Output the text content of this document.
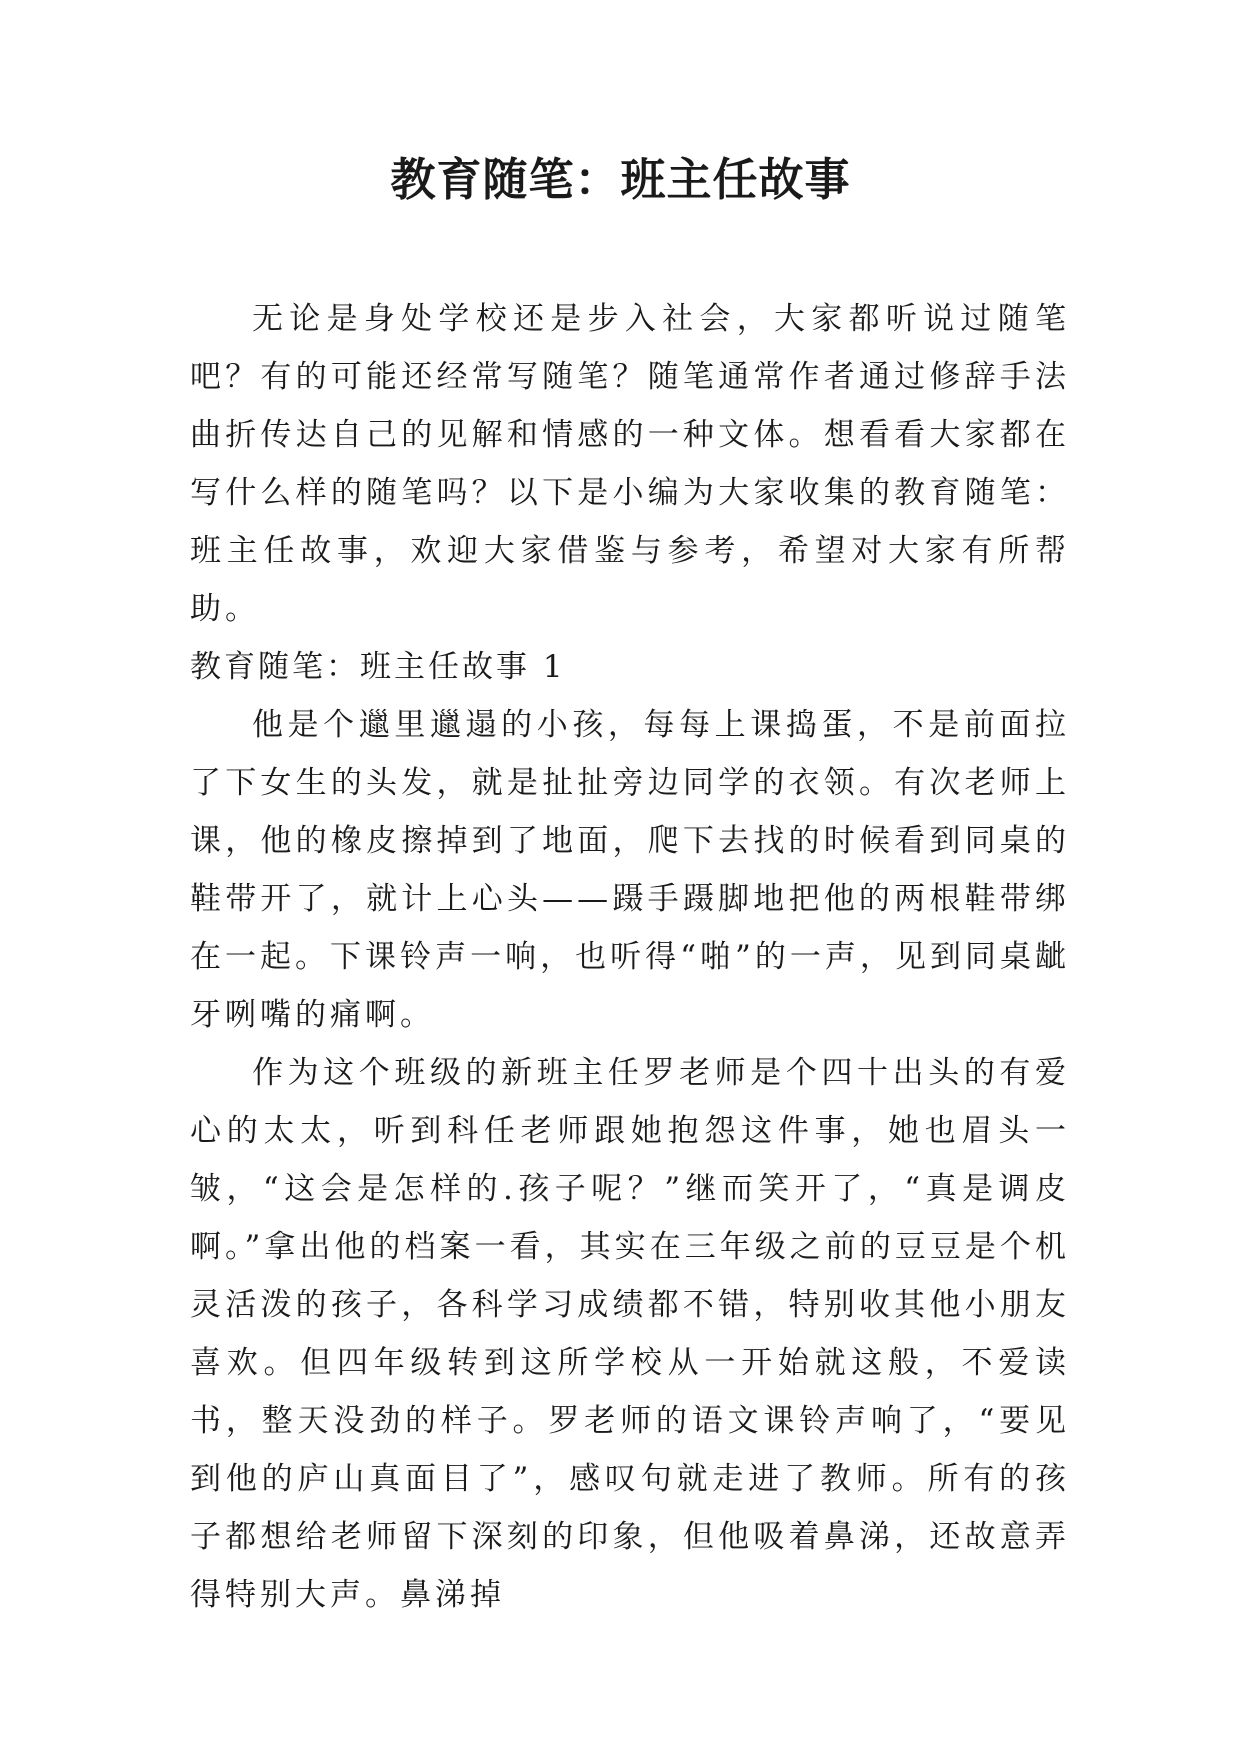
教育随笔：班主任故事

无论是身处学校还是步入社会，大家都听说过随笔吧？有的可能还经常写随笔？随笔通常作者通过修辞手法曲折传达自己的见解和情感的一种文体。想看看大家都在写什么样的随笔吗？以下是小编为大家收集的教育随笔：班主任故事，欢迎大家借鉴与参考，希望对大家有所帮助。

教育随笔：班主任故事 1

他是个邋里邋遢的小孩，每每上课捣蛋，不是前面拉了下女生的头发，就是扯扯旁边同学的衣领。有次老师上课，他的橡皮擦掉到了地面，爬下去找的时候看到同桌的鞋带开了，就计上心头——蹑手蹑脚地把他的两根鞋带绑在一起。下课铃声一响，也听得“啪”的一声，见到同桌龇牙咧嘴的痛啊。

作为这个班级的新班主任罗老师是个四十出头的有爱心的太太，听到科任老师跟她抱怨这件事，她也眉头一皱，“这会是怎样的.孩子呢？”继而笑开了，“真是调皮啊。”拿出他的档案一看，其实在三年级之前的豆豆是个机灵活泼的孩子，各科学习成绩都不错，特别收其他小朋友喜欢。但四年级转到这所学校从一开始就这般，不爱读书，整天没劲的样子。罗老师的语文课铃声响了，“要见到他的庐山真面目了”，感叹句就走进了教师。所有的孩子都想给老师留下深刻的印象，但他吸着鼻涕，还故意弄得特别大声。鼻涕掉
